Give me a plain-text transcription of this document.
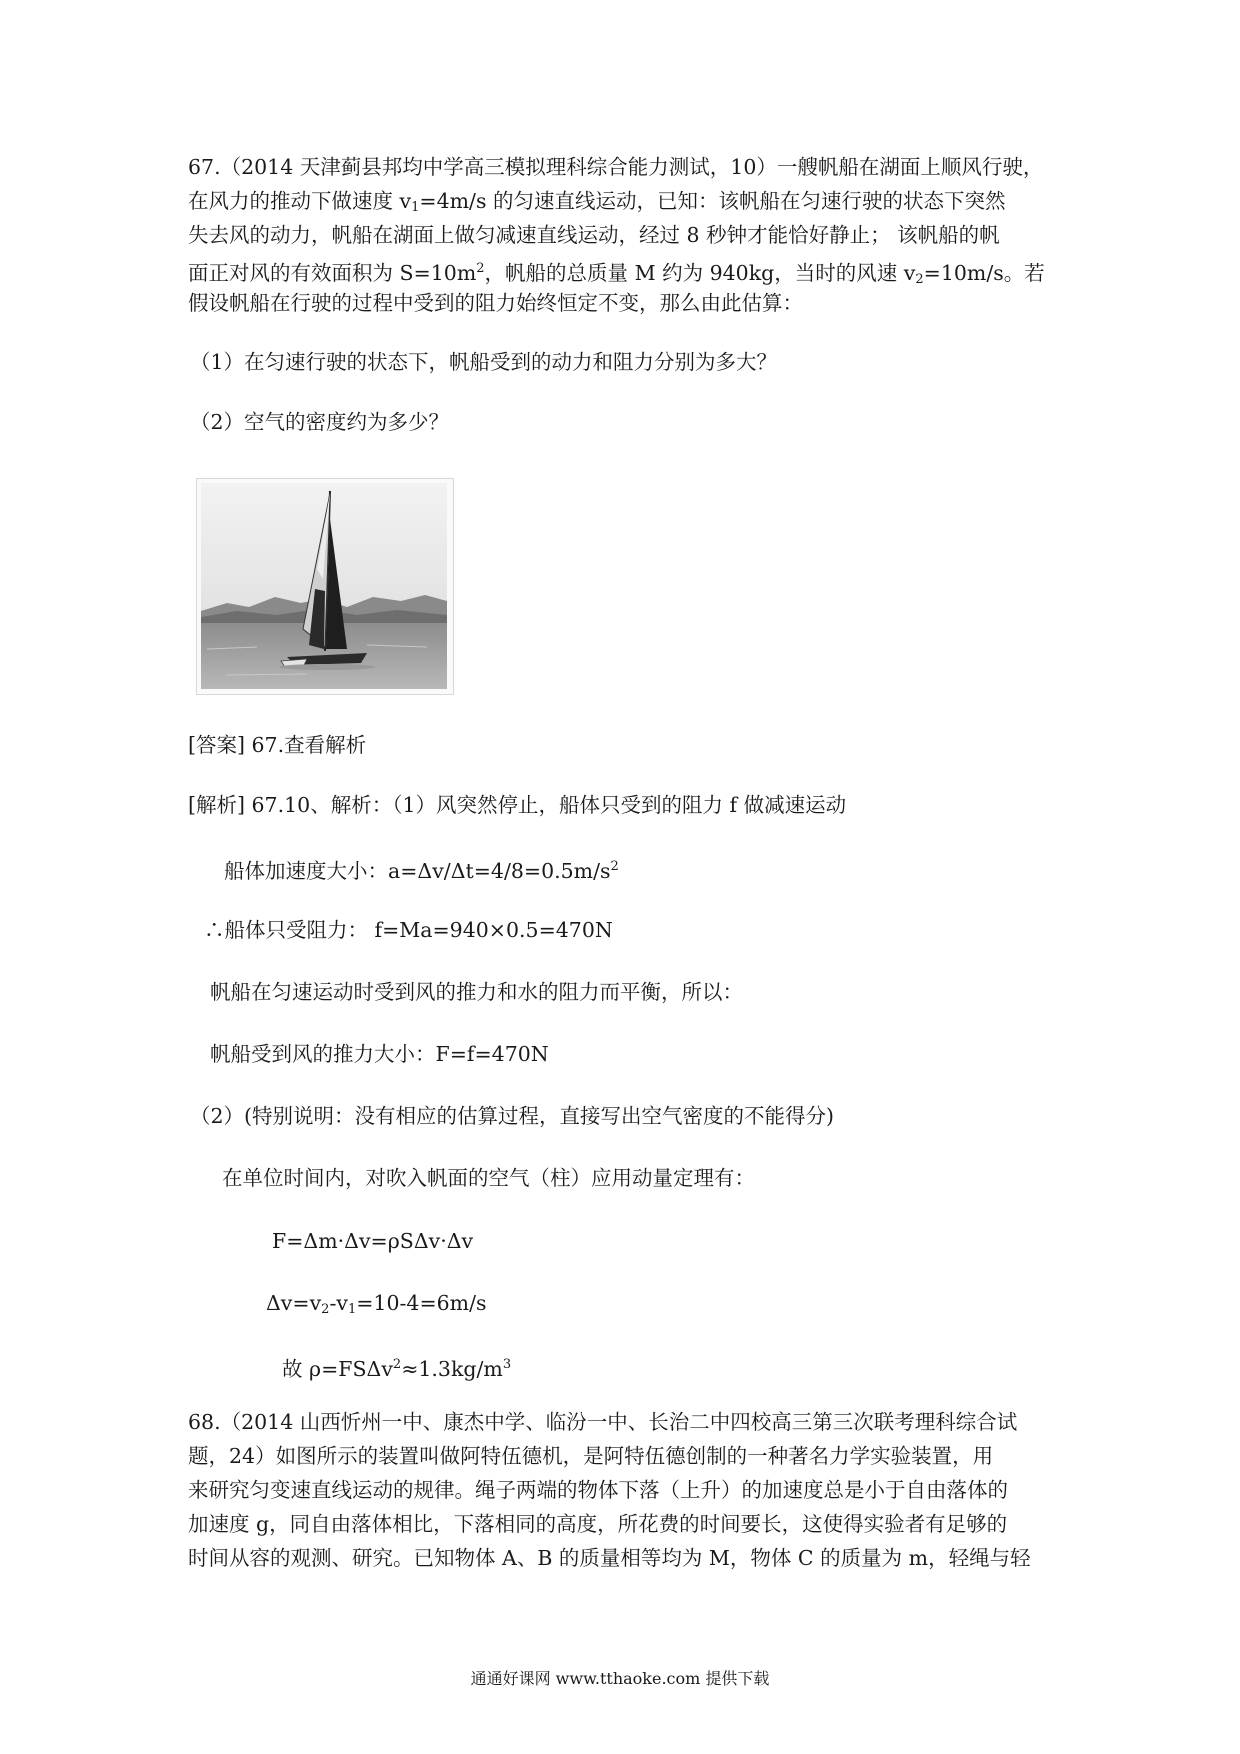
67.（2014 天津蓟县邦均中学高三模拟理科综合能力测试，10）一艘帆船在湖面上顺风行驶，
在风力的推动下做速度 $v_1=4m/s$ 的匀速直线运动，已知：该帆船在匀速行驶的状态下突然
失去风的动力，帆船在湖面上做匀减速直线运动，经过 8 秒钟才能恰好静止； 该帆船的帆
面正对风的有效面积为 $S=10m^2$，帆船的总质量 M 约为 940kg，当时的风速 $v_2=10m/s$。若
假设帆船在行驶的过程中受到的阻力始终恒定不变，那么由此估算：
（1）在匀速行驶的状态下，帆船受到的动力和阻力分别为多大？
（2）空气的密度约为多少？
[答案] 67.查看解析
[解析] 67.10、解析：（1）风突然停止，船体只受到的阻力 f 做减速运动
船体加速度大小：$a=\Delta v/\Delta t=4/8=0.5m/s^2$
∴船体只受阻力： f=Ma=940×0.5=470N
帆船在匀速运动时受到风的推力和水的阻力而平衡，所以：
帆船受到风的推力大小：F=f=470N
（2）(特别说明：没有相应的估算过程，直接写出空气密度的不能得分)
在单位时间内，对吹入帆面的空气（柱）应用动量定理有：
F=Δm·Δv=ρSΔv·Δv
$\Delta v=v_2-v_1=10-4=6m/s$
故 $\rho=FS\Delta v^2\approx 1.3kg/m^3$
68.（2014 山西忻州一中、康杰中学、临汾一中、长治二中四校高三第三次联考理科综合试
题，24）如图所示的装置叫做阿特伍德机，是阿特伍德创制的一种著名力学实验装置，用
来研究匀变速直线运动的规律。绳子两端的物体下落（上升）的加速度总是小于自由落体的
加速度 g，同自由落体相比，下落相同的高度，所花费的时间要长，这使得实验者有足够的
时间从容的观测、研究。已知物体 A、B 的质量相等均为 M，物体 C 的质量为 m，轻绳与轻
通通好课网 www.tthaoke.com 提供下载
